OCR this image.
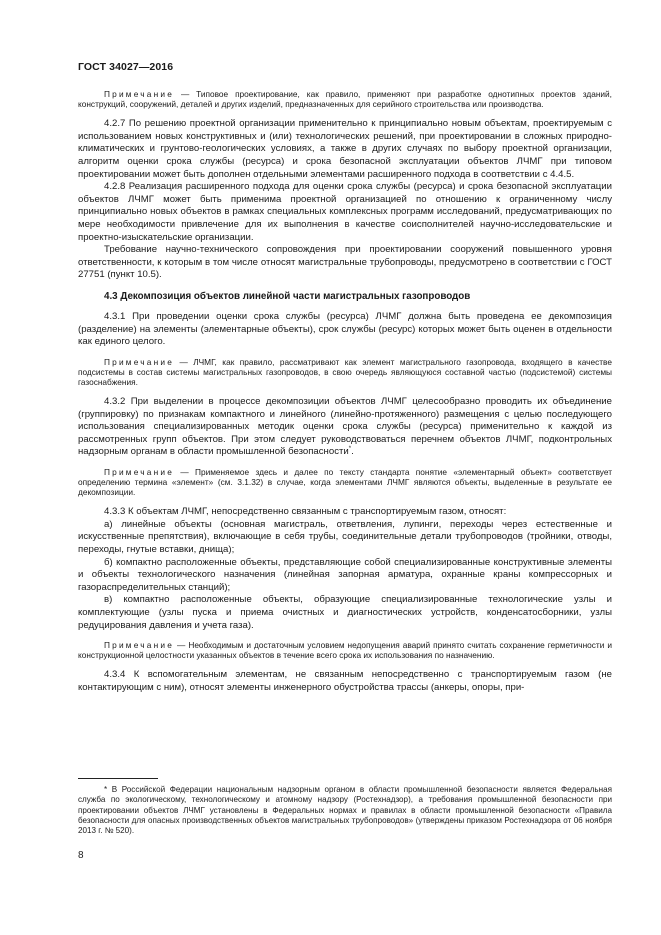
ГОСТ 34027—2016

Примечание — Типовое проектирование, как правило, применяют при разработке однотипных проектов зданий, конструкций, сооружений, деталей и других изделий, предназначенных для серийного строительства или производства.

4.2.7 По решению проектной организации применительно к принципиально новым объектам, проектируемым с использованием новых конструктивных и (или) технологических решений, при проектировании в сложных природно-климатических и грунтово-геологических условиях, а также в других случаях по выбору проектной организации, алгоритм оценки срока службы (ресурса) и срока безопасной эксплуатации объектов ЛЧМГ при типовом проектировании может быть дополнен отдельными элементами расширенного подхода в соответствии с 4.4.5.

4.2.8 Реализация расширенного подхода для оценки срока службы (ресурса) и срока безопасной эксплуатации объектов ЛЧМГ может быть применима проектной организацией по отношению к ограниченному числу принципиально новых объектов в рамках специальных комплексных программ исследований, предусматривающих по мере необходимости привлечение для их выполнения в качестве соисполнителей научно-исследовательские и проектно-изыскательские организации.

Требование научно-технического сопровождения при проектировании сооружений повышенного уровня ответственности, к которым в том числе относят магистральные трубопроводы, предусмотрено в соответствии с ГОСТ 27751 (пункт 10.5).

4.3 Декомпозиция объектов линейной части магистральных газопроводов

4.3.1 При проведении оценки срока службы (ресурса) ЛЧМГ должна быть проведена ее декомпозиция (разделение) на элементы (элементарные объекты), срок службы (ресурс) которых может быть оценен в отдельности как единого целого.

Примечание — ЛЧМГ, как правило, рассматривают как элемент магистрального газопровода, входящего в качестве подсистемы в состав системы магистральных газопроводов, в свою очередь являющуюся составной частью (подсистемой) системы газоснабжения.

4.3.2 При выделении в процессе декомпозиции объектов ЛЧМГ целесообразно проводить их объединение (группировку) по признакам компактного и линейного (линейно-протяженного) размещения с целью последующего использования специализированных методик оценки срока службы (ресурса) применительно к каждой из рассмотренных групп объектов. При этом следует руководствоваться перечнем объектов ЛЧМГ, подконтрольных надзорным органам в области промышленной безопасности*.

Примечание — Применяемое здесь и далее по тексту стандарта понятие «элементарный объект» соответствует определению термина «элемент» (см. 3.1.32) в случае, когда элементами ЛЧМГ являются объекты, выделенные в результате ее декомпозиции.

4.3.3 К объектам ЛЧМГ, непосредственно связанным с транспортируемым газом, относят:

а) линейные объекты (основная магистраль, ответвления, лупинги, переходы через естественные и искусственные препятствия), включающие в себя трубы, соединительные детали трубопроводов (тройники, отводы, переходы, гнутые вставки, днища);

б) компактно расположенные объекты, представляющие собой специализированные конструктивные элементы и объекты технологического назначения (линейная запорная арматура, охранные краны компрессорных и газораспределительных станций);

в) компактно расположенные объекты, образующие специализированные технологические узлы и комплектующие (узлы пуска и приема очистных и диагностических устройств, конденсатосборники, узлы редуцирования давления и учета газа).

Примечание — Необходимым и достаточным условием недопущения аварий принято считать сохранение герметичности и конструкционной целостности указанных объектов в течение всего срока их использования по назначению.

4.3.4 К вспомогательным элементам, не связанным непосредственно с транспортируемым газом (не контактирующим с ним), относят элементы инженерного обустройства трассы (анкеры, опоры, при-

* В Российской Федерации национальным надзорным органом в области промышленной безопасности является Федеральная служба по экологическому, технологическому и атомному надзору (Ростехнадзор), а требования промышленной безопасности при проектировании объектов ЛЧМГ установлены в Федеральных нормах и правилах в области промышленной безопасности «Правила безопасности для опасных производственных объектов магистральных трубопроводов» (утверждены приказом Ростехнадзора от 06 ноября 2013 г. № 520).

8
